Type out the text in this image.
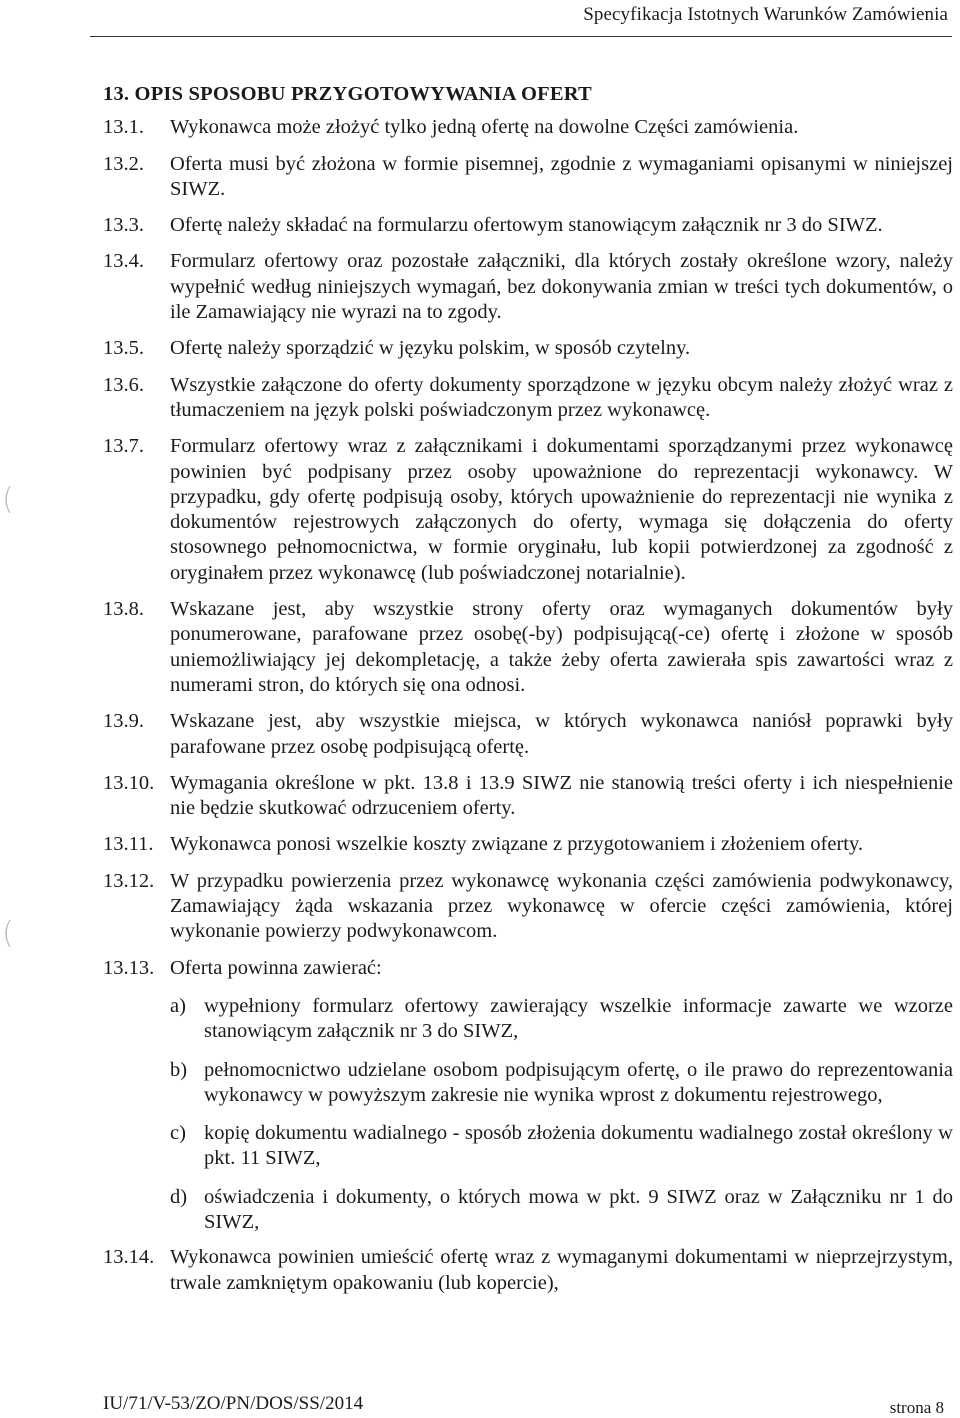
Specyfikacja Istotnych Warunków Zamówienia
(
(
13. OPIS SPOSOBU PRZYGOTOWYWANIA OFERT
13.1.	Wykonawca może złożyć tylko jedną ofertę na dowolne Części zamówienia.
13.2.	Oferta musi być złożona w formie pisemnej, zgodnie z wymaganiami opisanymi w niniejszej SIWZ.
13.3.	Ofertę należy składać na formularzu ofertowym stanowiącym załącznik nr 3 do SIWZ.
13.4.	Formularz ofertowy oraz pozostałe załączniki, dla których zostały określone wzory, należy wypełnić według niniejszych wymagań, bez dokonywania zmian w treści tych dokumentów, o ile Zamawiający nie wyrazi na to zgody.
13.5.	Ofertę należy sporządzić w języku polskim, w sposób czytelny.
13.6.	Wszystkie załączone do oferty dokumenty sporządzone w języku obcym należy złożyć wraz z tłumaczeniem na język polski poświadczonym przez wykonawcę.
13.7.	Formularz ofertowy wraz z załącznikami i dokumentami sporządzanymi przez wykonawcę powinien być podpisany przez osoby upoważnione do reprezentacji wykonawcy. W przypadku, gdy ofertę podpisują osoby, których upoważnienie do reprezentacji nie wynika z dokumentów rejestrowych załączonych do oferty, wymaga się dołączenia do oferty stosownego pełnomocnictwa, w formie oryginału, lub kopii potwierdzonej za zgodność z oryginałem przez wykonawcę (lub poświadczonej notarialnie).
13.8.	Wskazane jest, aby wszystkie strony oferty oraz wymaganych dokumentów były ponumerowane, parafowane przez osobę(-by) podpisującą(-ce) ofertę i złożone w sposób uniemożliwiający jej dekompletację, a także żeby oferta zawierała spis zawartości wraz z numerami stron, do których się ona odnosi.
13.9.	Wskazane jest, aby wszystkie miejsca, w których wykonawca naniósł poprawki były parafowane przez osobę podpisującą ofertę.
13.10. Wymagania określone w pkt. 13.8 i 13.9 SIWZ nie stanowią treści oferty i ich niespełnienie nie będzie skutkować odrzuceniem oferty.
13.11. Wykonawca ponosi wszelkie koszty związane z przygotowaniem i złożeniem oferty.
13.12. W przypadku powierzenia przez wykonawcę wykonania części zamówienia podwykonawcy, Zamawiający żąda wskazania przez wykonawcę w ofercie części zamówienia, której wykonanie powierzy podwykonawcom.
13.13. Oferta powinna zawierać:
a) wypełniony formularz ofertowy zawierający wszelkie informacje zawarte we wzorze stanowiącym załącznik nr 3 do SIWZ,
b) pełnomocnictwo udzielane osobom podpisującym ofertę, o ile prawo do reprezentowania wykonawcy w powyższym zakresie nie wynika wprost z dokumentu rejestrowego,
c) kopię dokumentu wadialnego - sposób złożenia dokumentu wadialnego został określony w pkt. 11 SIWZ,
d) oświadczenia i dokumenty, o których mowa w pkt. 9 SIWZ oraz w Załączniku nr 1 do SIWZ,
13.14. Wykonawca powinien umieścić ofertę wraz z wymaganymi dokumentami w nieprzejrzystym, trwale zamkniętym opakowaniu (lub kopercie),
IU/71/V-53/ZO/PN/DOS/SS/2014	strona 8
